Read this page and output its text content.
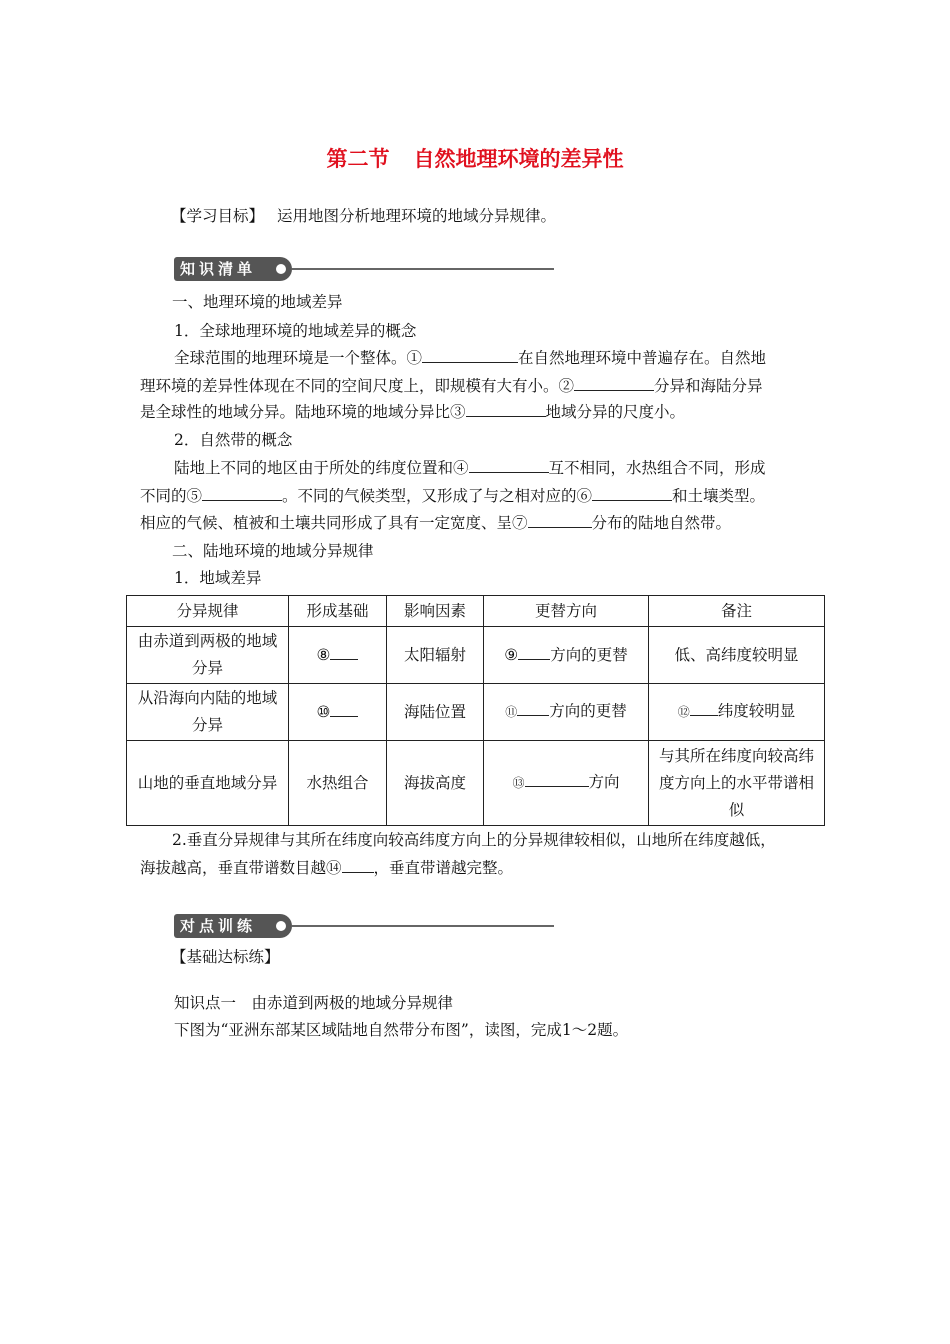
第二节 自然地理环境的差异性
【学习目标】 运用地图分析地理环境的地域分异规律。
知识清单
一、地理环境的地域差异
1．全球地理环境的地域差异的概念
全球范围的地理环境是一个整体。①	在自然地理环境中普遍存在。自然地
理环境的差异性体现在不同的空间尺度上，即规模有大有小。②	分异和海陆分异
是全球性的地域分异。陆地环境的地域分异比③	地域分异的尺度小。
2．自然带的概念
陆地上不同的地区由于所处的纬度位置和④	互不相同，水热组合不同，形成
不同的⑤	。不同的气候类型，又形成了与之相对应的⑥	和土壤类型。
相应的气候、植被和土壤共同形成了具有一定宽度、呈⑦	分布的陆地自然带。
二、陆地环境的地域分异规律
1．地域差异
分异规律	形成基础	影响因素	更替方向	备注
由赤道到两极的地域分异	⑧	太阳辐射	⑨ 方向的更替	低、高纬度较明显
从沿海向内陆的地域分异	⑩	海陆位置	⑪ 方向的更替	⑫ 纬度较明显
山地的垂直地域分异	水热组合	海拔高度	⑬ 方向	与其所在纬度向较高纬度方向上的水平带谱相似
2.垂直分异规律与其所在纬度向较高纬度方向上的分异规律较相似，山地所在纬度越低，
海拔越高，垂直带谱数目越⑭ ，垂直带谱越完整。
对点训练
【基础达标练】
知识点一　由赤道到两极的地域分异规律
下图为“亚洲东部某区域陆地自然带分布图”，读图，完成1～2题。
